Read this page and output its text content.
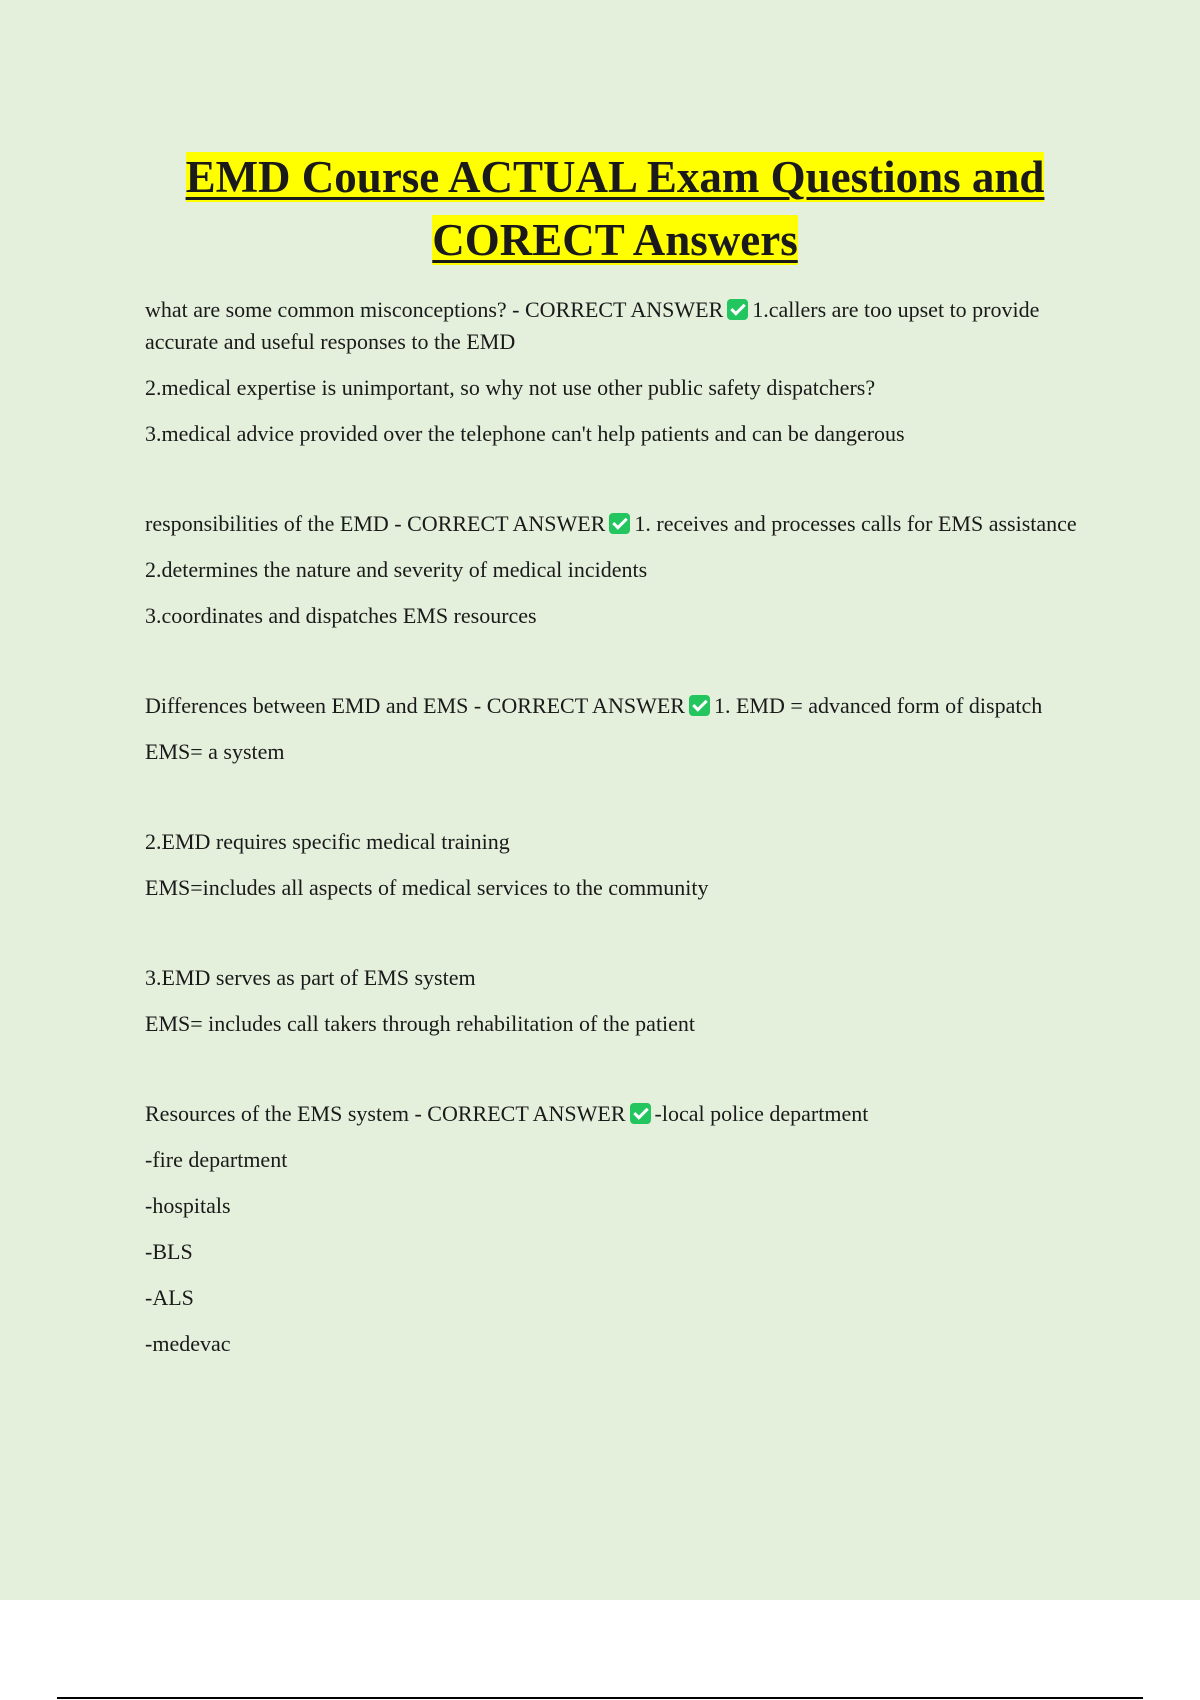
EMD Course ACTUAL Exam Questions and
CORECT Answers

what are some common misconceptions? - CORRECT ANSWER 1.callers are too upset to provide accurate and useful responses to the EMD

2.medical expertise is unimportant, so why not use other public safety dispatchers?

3.medical advice provided over the telephone can't help patients and can be dangerous

responsibilities of the EMD - CORRECT ANSWER 1. receives and processes calls for EMS assistance

2.determines the nature and severity of medical incidents

3.coordinates and dispatches EMS resources

Differences between EMD and EMS - CORRECT ANSWER 1. EMD = advanced form of dispatch

EMS= a system

2.EMD requires specific medical training

EMS=includes all aspects of medical services to the community

3.EMD serves as part of EMS system

EMS= includes call takers through rehabilitation of the patient

Resources of the EMS system - CORRECT ANSWER -local police department

-fire department

-hospitals

-BLS

-ALS

-medevac
